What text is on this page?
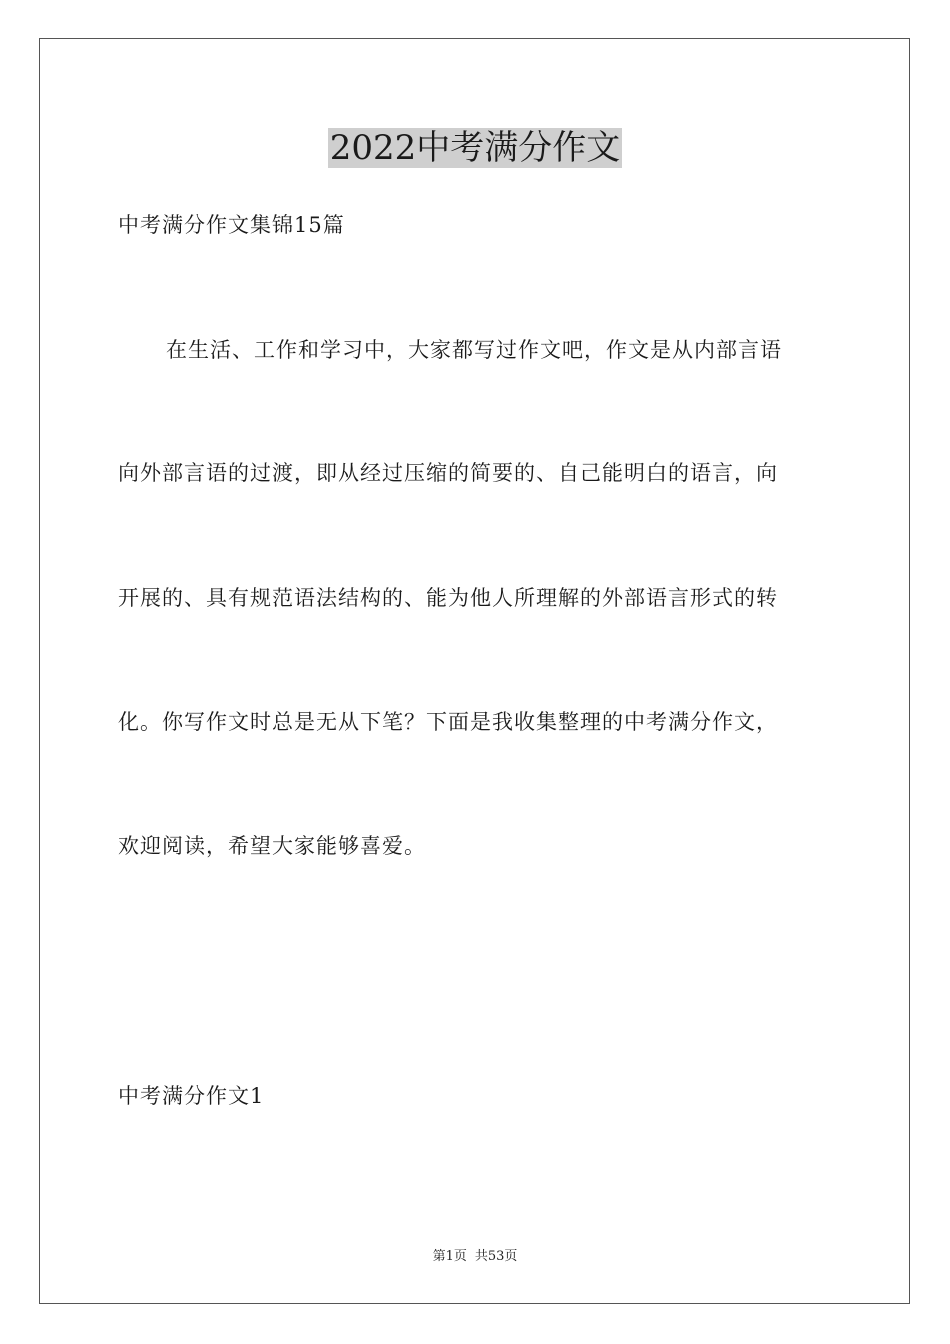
2022中考满分作文
中考满分作文集锦15篇
在生活、工作和学习中，大家都写过作文吧，作文是从内部言语
向外部言语的过渡，即从经过压缩的简要的、自己能明白的语言，向
开展的、具有规范语法结构的、能为他人所理解的外部语言形式的转
化。你写作文时总是无从下笔？下面是我收集整理的中考满分作文，
欢迎阅读，希望大家能够喜爱。
中考满分作文1
第1页 共53页
